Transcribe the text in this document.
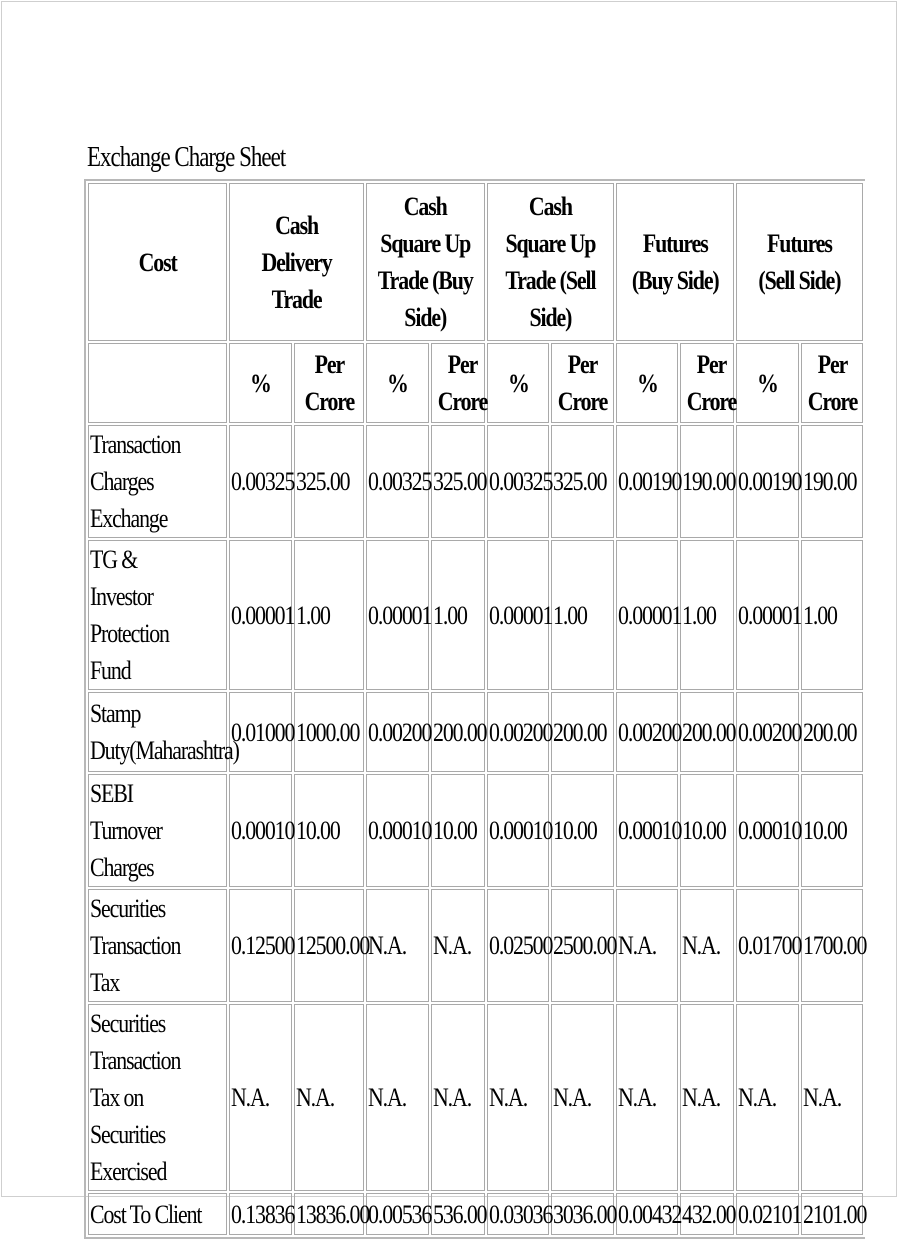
Exchange Charge Sheet
Cost	Cash Delivery Trade		Cash Square Up Trade (Buy Side)		Cash Square Up Trade (Sell Side)		Futures (Buy Side)		Futures (Sell Side)	
	%	Per Crore	%	Per Crore	%	Per Crore	%	Per Crore	%	Per Crore
Transaction Charges Exchange	0.00325	325.00	0.00325	325.00	0.00325	325.00	0.00190	190.00	0.00190	190.00
TG & Investor Protection Fund	0.00001	1.00	0.00001	1.00	0.00001	1.00	0.00001	1.00	0.00001	1.00
Stamp Duty(Maharashtra)	0.01000	1000.00	0.00200	200.00	0.00200	200.00	0.00200	200.00	0.00200	200.00
SEBI Turnover Charges	0.00010	10.00	0.00010	10.00	0.00010	10.00	0.00010	10.00	0.00010	10.00
Securities Transaction Tax	0.12500	12500.00	N.A.	N.A.	0.02500	2500.00	N.A.	N.A.	0.01700	1700.00
Securities Transaction Tax on Securities Exercised	N.A.	N.A.	N.A.	N.A.	N.A.	N.A.	N.A.	N.A.	N.A.	N.A.
Cost To Client	0.13836	13836.00	0.00536	536.00	0.03036	3036.00	0.00432	432.00	0.02101	2101.00
